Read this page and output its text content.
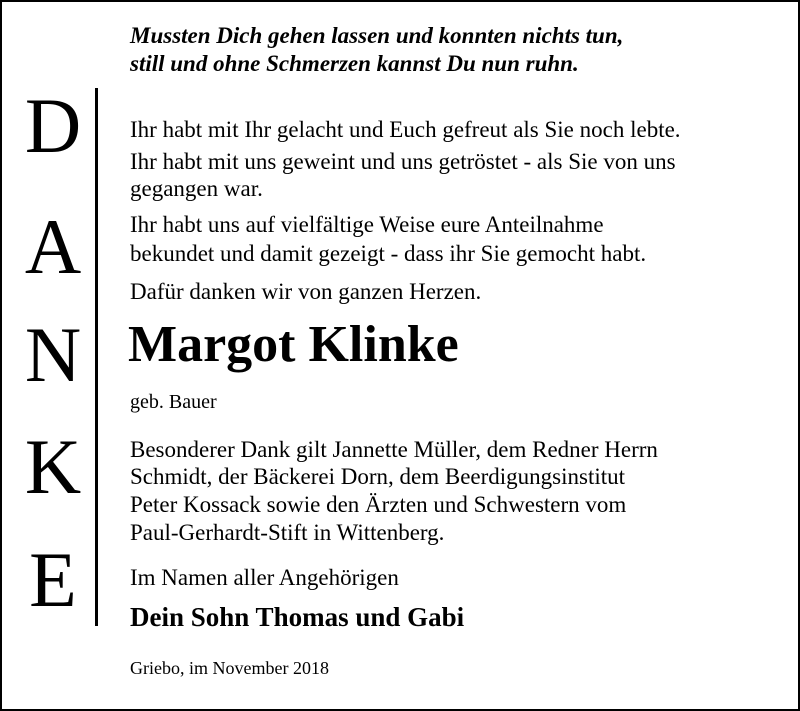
Mussten Dich gehen lassen und konnten nichts tun,
still und ohne Schmerzen kannst Du nun ruhn.
D
A
N
K
E
Ihr habt mit Ihr gelacht und Euch gefreut als Sie noch lebte.
Ihr habt mit uns geweint und uns getröstet - als Sie von uns
gegangen war.
Ihr habt uns auf vielfältige Weise eure Anteilnahme
bekundet und damit gezeigt - dass ihr Sie gemocht habt.
Dafür danken wir von ganzen Herzen.
Margot Klinke
geb. Bauer
Besonderer Dank gilt Jannette Müller, dem Redner Herrn
Schmidt, der Bäckerei Dorn, dem Beerdigungsinstitut
Peter Kossack sowie den Ärzten und Schwestern vom
Paul-Gerhardt-Stift in Wittenberg.
Im Namen aller Angehörigen
Dein Sohn Thomas und Gabi
Griebo, im November 2018
